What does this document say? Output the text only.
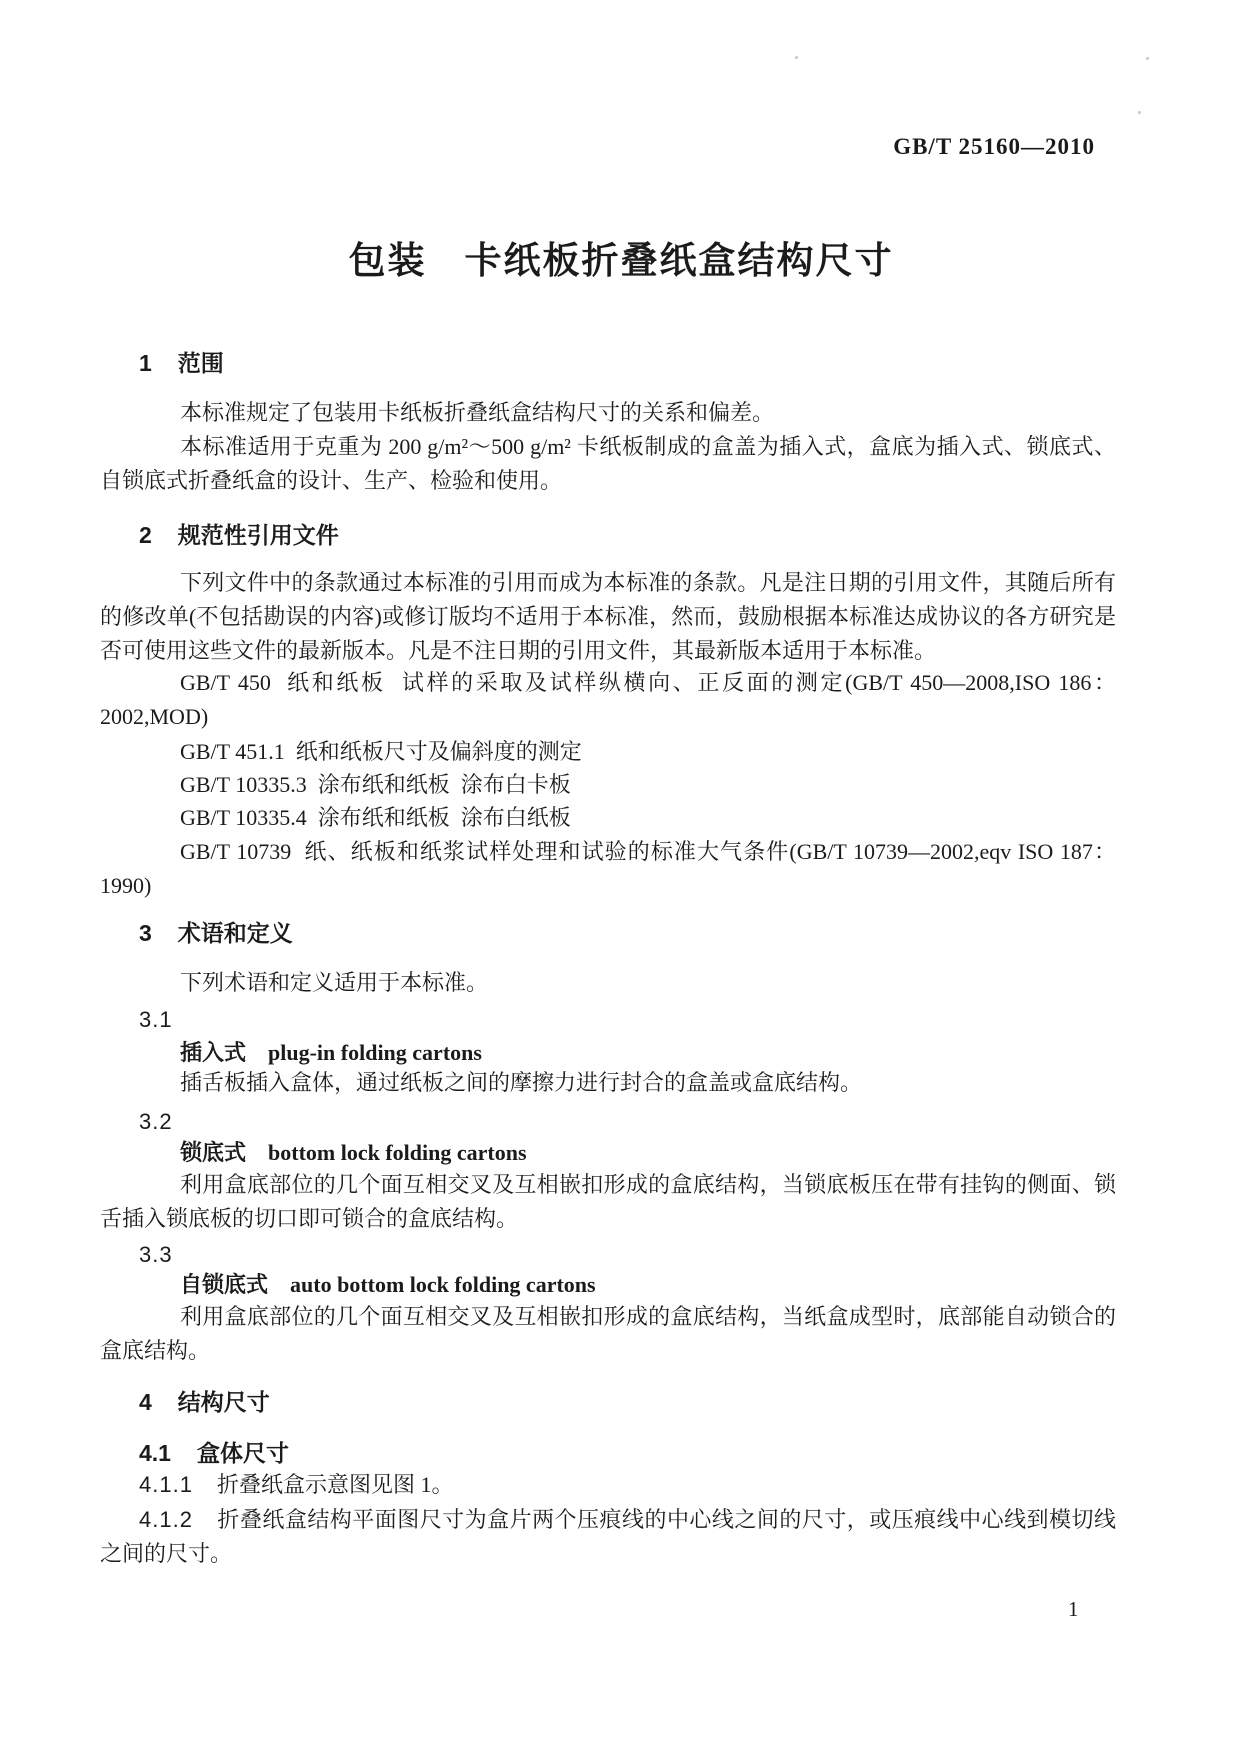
GB/T 25160—2010
包装 卡纸板折叠纸盒结构尺寸
1 范围

本标准规定了包装用卡纸板折叠纸盒结构尺寸的关系和偏差。

本标准适用于克重为 200 g/m²～500 g/m² 卡纸板制成的盒盖为插入式，盒底为插入式、锁底式、自锁底式折叠纸盒的设计、生产、检验和使用。

2 规范性引用文件

下列文件中的条款通过本标准的引用而成为本标准的条款。凡是注日期的引用文件，其随后所有的修改单(不包括勘误的内容)或修订版均不适用于本标准，然而，鼓励根据本标准达成协议的各方研究是否可使用这些文件的最新版本。凡是不注日期的引用文件，其最新版本适用于本标准。

GB/T 450  纸和纸板  试样的采取及试样纵横向、正反面的测定(GB/T 450—2008,ISO 186：2002,MOD)

GB/T 451.1  纸和纸板尺寸及偏斜度的测定

GB/T 10335.3  涂布纸和纸板  涂布白卡板

GB/T 10335.4  涂布纸和纸板  涂布白纸板

GB/T 10739  纸、纸板和纸浆试样处理和试验的标准大气条件(GB/T 10739—2002,eqv ISO 187：1990)

3 术语和定义

下列术语和定义适用于本标准。

3.1
插入式 plug-in folding cartons

插舌板插入盒体，通过纸板之间的摩擦力进行封合的盒盖或盒底结构。

3.2
锁底式 bottom lock folding cartons

利用盒底部位的几个面互相交叉及互相嵌扣形成的盒底结构，当锁底板压在带有挂钩的侧面、锁舌插入锁底板的切口即可锁合的盒底结构。

3.3
自锁底式 auto bottom lock folding cartons

利用盒底部位的几个面互相交叉及互相嵌扣形成的盒底结构，当纸盒成型时，底部能自动锁合的盒底结构。

4 结构尺寸
4.1 盒体尺寸

4.1.1 折叠纸盒示意图见图 1。

4.1.2 折叠纸盒结构平面图尺寸为盒片两个压痕线的中心线之间的尺寸，或压痕线中心线到模切线之间的尺寸。

1
